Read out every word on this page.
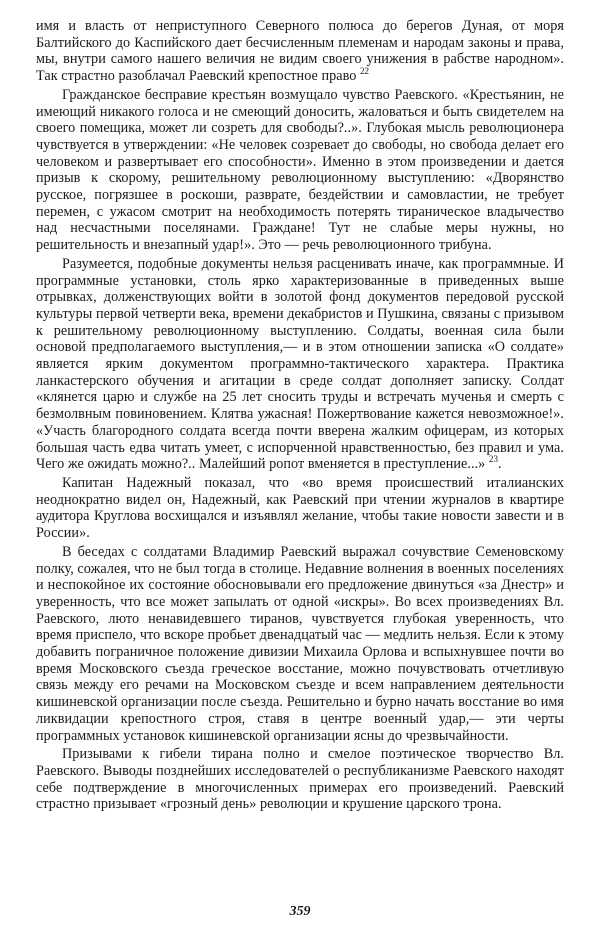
имя и власть от неприступного Северного полюса до берегов Дуная, от моря Балтийского до Каспийского дает бесчисленным племенам и народам законы и права, мы, внутри самого нашего величия не видим своего унижения в рабстве народном». Так страстно разоблачал Раевский крепостное право $^{22}$

Гражданское бесправие крестьян возмущало чувство Раевского. «Крестьянин, не имеющий никакого голоса и не смеющий доносить, жаловаться и быть свидетелем на своего помещика, может ли созреть для свободы?..». Глубокая мысль революционера чувствуется в утверждении: «Не человек созревает до свободы, но свобода делает его человеком и развертывает его способности». Именно в этом произведении и дается призыв к скорому, решительному революционному выступлению: «Дворянство русское, погрязшее в роскоши, разврате, бездействии и самовластии, не требует перемен, с ужасом смотрит на необходимость потерять тираническое владычество над несчастными поселянами. Граждане! Тут не слабые меры нужны, но решительность и внезапный удар!». Это — речь революционного трибуна.

Разумеется, подобные документы нельзя расценивать иначе, как программные. И программные установки, столь ярко характеризованные в приведенных выше отрывках, долженствующих войти в золотой фонд документов передовой русской культуры первой четверти века, времени декабристов и Пушкина, связаны с призывом к решительному революционному выступлению. Солдаты, военная сила были основой предполагаемого выступления,— и в этом отношении записка «О солдате» является ярким документом программно-тактического характера. Практика ланкастерского обучения и агитации в среде солдат дополняет записку. Солдат «клянется царю и службе на 25 лет сносить труды и встречать мученья и смерть с безмолвным повиновением. Клятва ужасная! Пожертвование кажется невозможное!». «Участь благородного солдата всегда почти вверена жалким офицерам, из которых большая часть едва читать умеет, с испорченной нравственностью, без правил и ума. Чего же ожидать можно?.. Малейший ропот вменяется в преступление...» $^{23}$.

Капитан Надежный показал, что «во время происшествий италианских неоднократно видел он, Надежный, как Раевский при чтении журналов в квартире аудитора Круглова восхищался и изъявлял желание, чтобы такие новости завести и в России».

В беседах с солдатами Владимир Раевский выражал сочувствие Семеновскому полку, сожалея, что не был тогда в столице. Недавние волнения в военных поселениях и неспокойное их состояние обосновывали его предложение двинуться «за Днестр» и уверенность, что все может запылать от одной «искры». Во всех произведениях Вл. Раевского, люто ненавидевшего тиранов, чувствуется глубокая уверенность, что время приспело, что вскоре пробьет двенадцатый час — медлить нельзя. Если к этому добавить пограничное положение дивизии Михаила Орлова и вспыхнувшее почти во время Московского съезда греческое восстание, можно почувствовать отчетливую связь между его речами на Московском съезде и всем направлением деятельности кишиневской организации после съезда. Решительно и бурно начать восстание во имя ликвидации крепостного строя, ставя в центре военный удар,— эти черты программных установок кишиневской организации ясны до чрезвычайности.

Призывами к гибели тирана полно и смелое поэтическое творчество Вл. Раевского. Выводы позднейших исследователей о республиканизме Раевского находят себе подтверждение в многочисленных примерах его произведений. Раевский страстно призывает «грозный день» революции и крушение царского трона.

359
